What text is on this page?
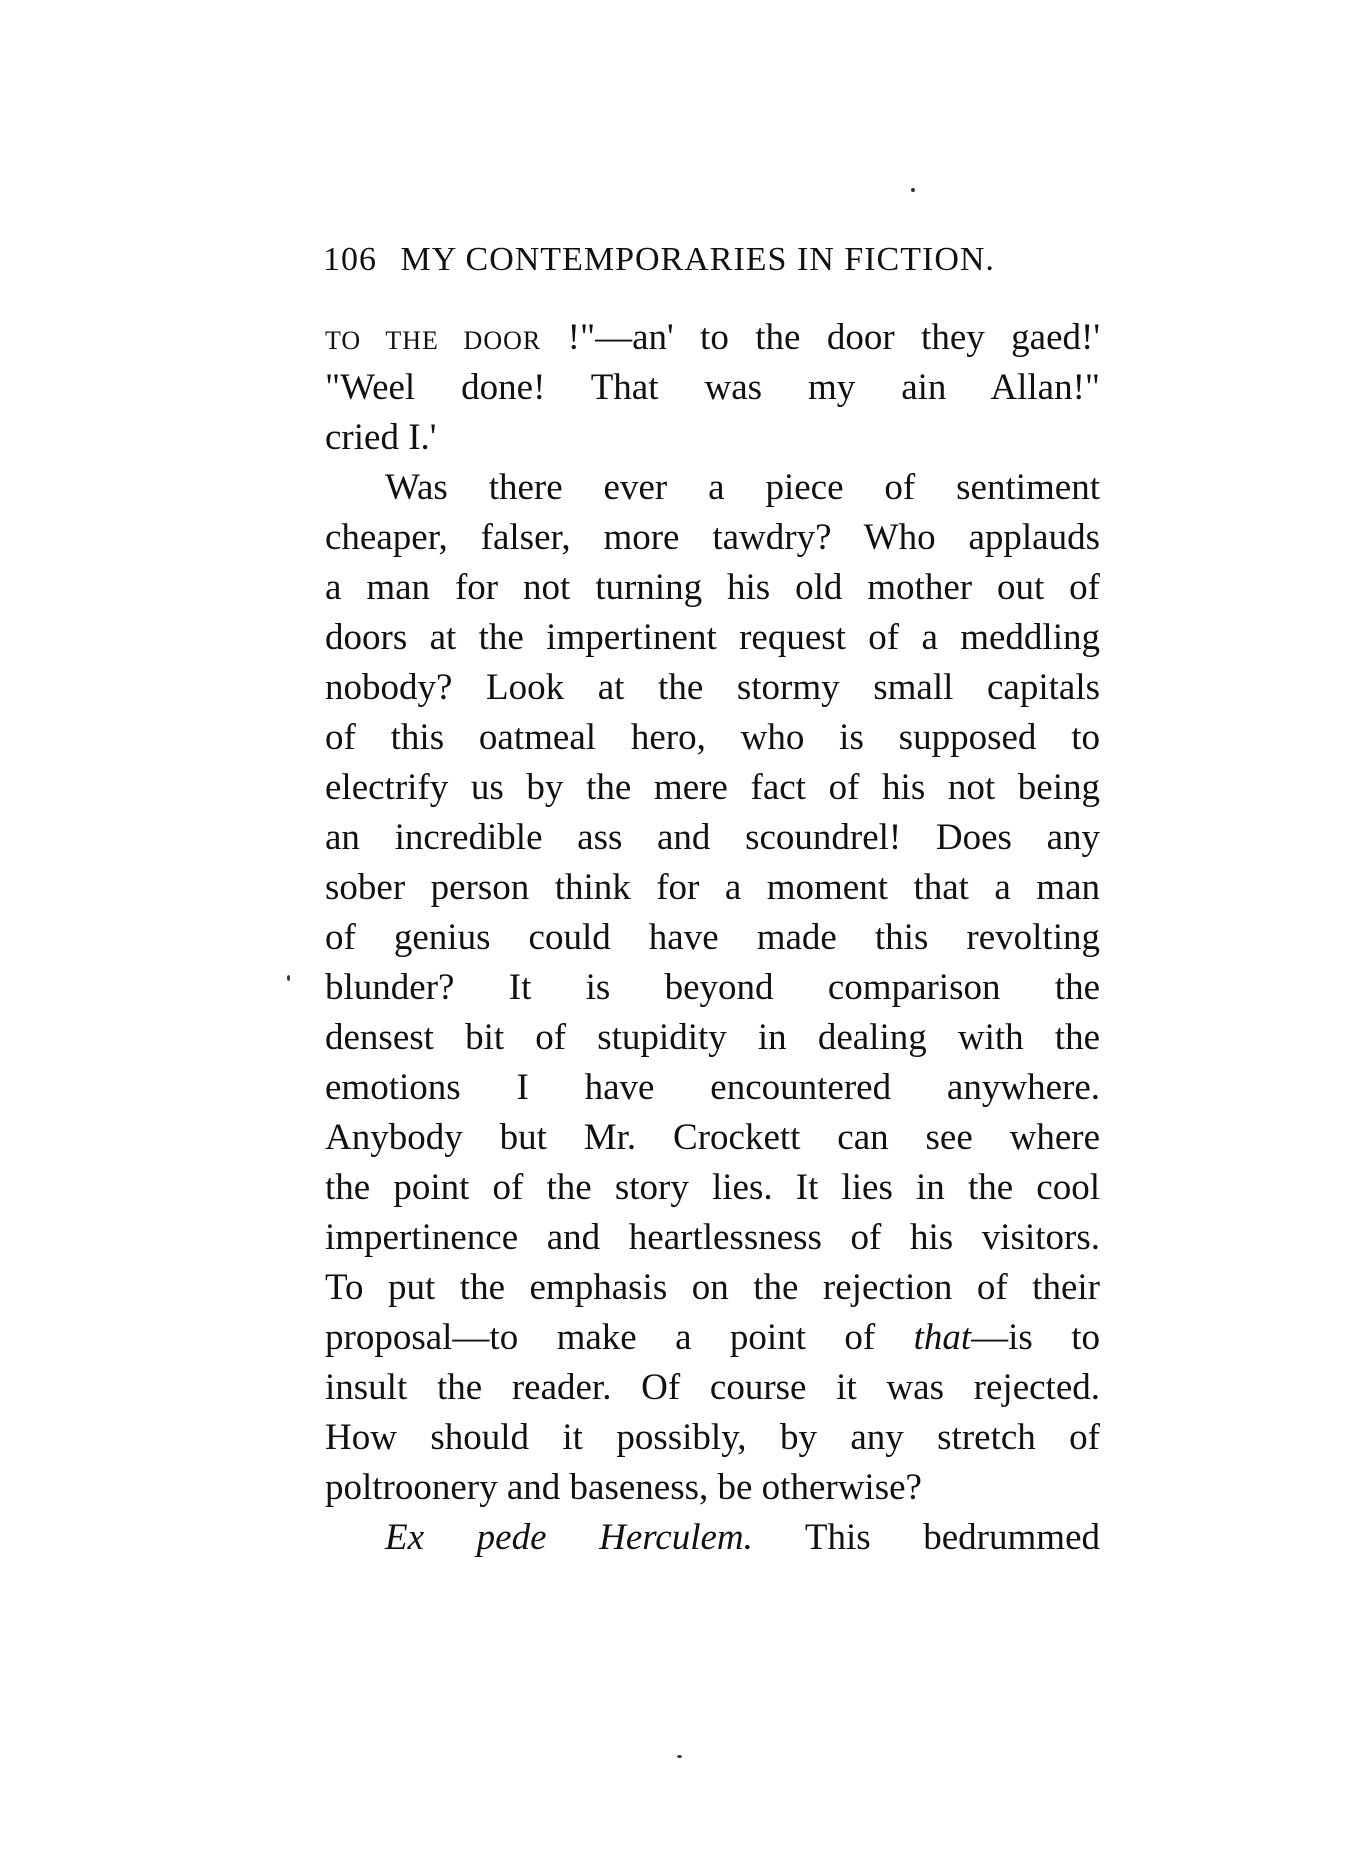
106 MY CONTEMPORARIES IN FICTION.
TO THE DOOR !"—an' to the door they gaed!'
"Weel done! That was my ain Allan!"
cried I.'
Was there ever a piece of sentiment
cheaper, falser, more tawdry? Who applauds
a man for not turning his old mother out of
doors at the impertinent request of a meddling
nobody? Look at the stormy small capitals
of this oatmeal hero, who is supposed to
electrify us by the mere fact of his not being
an incredible ass and scoundrel! Does any
sober person think for a moment that a man
of genius could have made this revolting
blunder? It is beyond comparison the
densest bit of stupidity in dealing with the
emotions I have encountered anywhere.
Anybody but Mr. Crockett can see where
the point of the story lies. It lies in the cool
impertinence and heartlessness of his visitors.
To put the emphasis on the rejection of their
proposal—to make a point of that—is to
insult the reader. Of course it was rejected.
How should it possibly, by any stretch of
poltroonery and baseness, be otherwise?
Ex pede Herculem. This bedrummed
